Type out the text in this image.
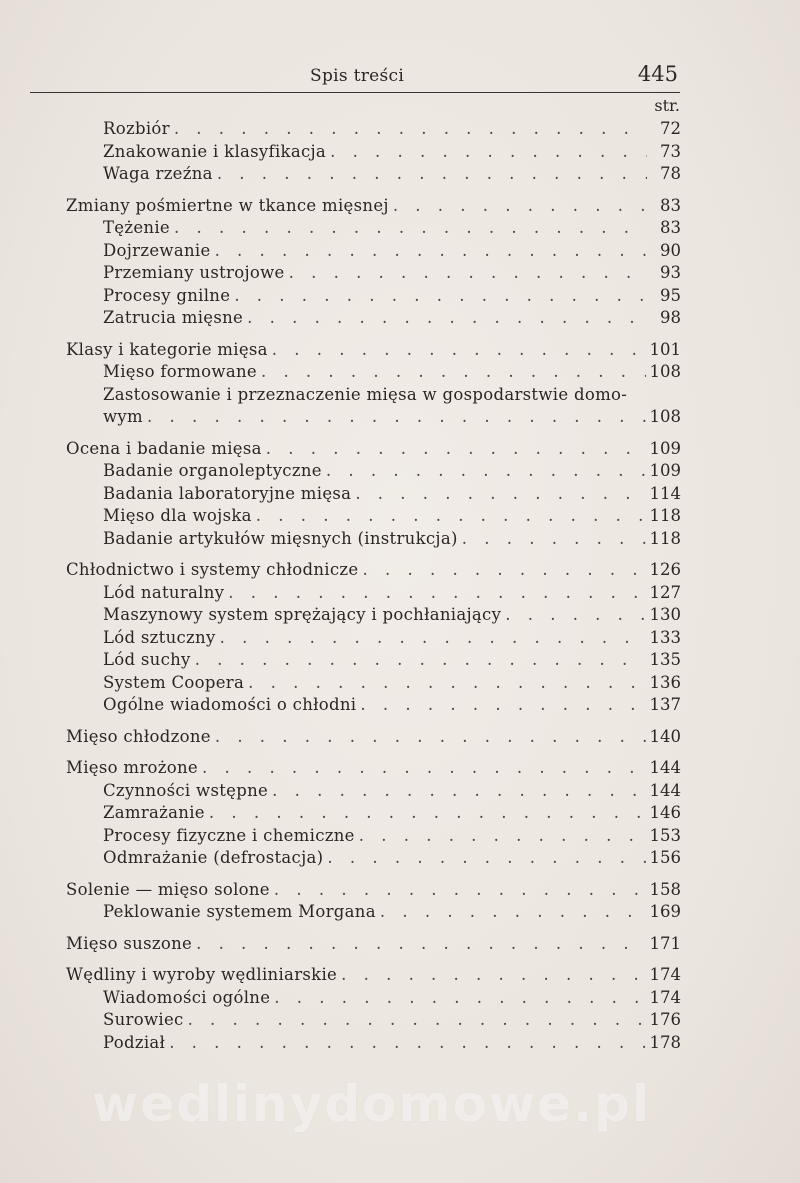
Spis treści	445
str.
Rozbiór . . .	72
Znakowanie i klasyfikacja . . .	73
Waga rzeźna . . .	78
Zmiany pośmiertne w tkance mięsnej . . .	83
Tężenie . . .	83
Dojrzewanie . . .	90
Przemiany ustrojowe . . .	93
Procesy gnilne . . .	95
Zatrucia mięsne . . .	98
Klasy i kategorie mięsa . . .	101
Mięso formowane . . .	108
Zastosowanie i przeznaczenie mięsa w gospodarstwie domo-
wym . . .	108
Ocena i badanie mięsa . . .	109
Badanie organoleptyczne . . .	109
Badania laboratoryjne mięsa . . .	114
Mięso dla wojska . . .	118
Badanie artykułów mięsnych (instrukcja) . . .	118
Chłodnictwo i systemy chłodnicze . . .	126
Lód naturalny . . .	127
Maszynowy system sprężający i pochłaniający . . .	130
Lód sztuczny . . .	133
Lód suchy . . .	135
System Coopera . . .	136
Ogólne wiadomości o chłodni . . .	137
Mięso chłodzone . . .	140
Mięso mrożone . . .	144
Czynności wstępne . . .	144
Zamrażanie . . .	146
Procesy fizyczne i chemiczne . . .	153
Odmrażanie (defrostacja) . . .	156
Solenie — mięso solone . . .	158
Peklowanie systemem Morgana . . .	169
Mięso suszone . . .	171
Wędliny i wyroby wędliniarskie . . .	174
Wiadomości ogólne . . .	174
Surowiec . . .	176
Podział . . .	178
wedlinydomowe.pl
